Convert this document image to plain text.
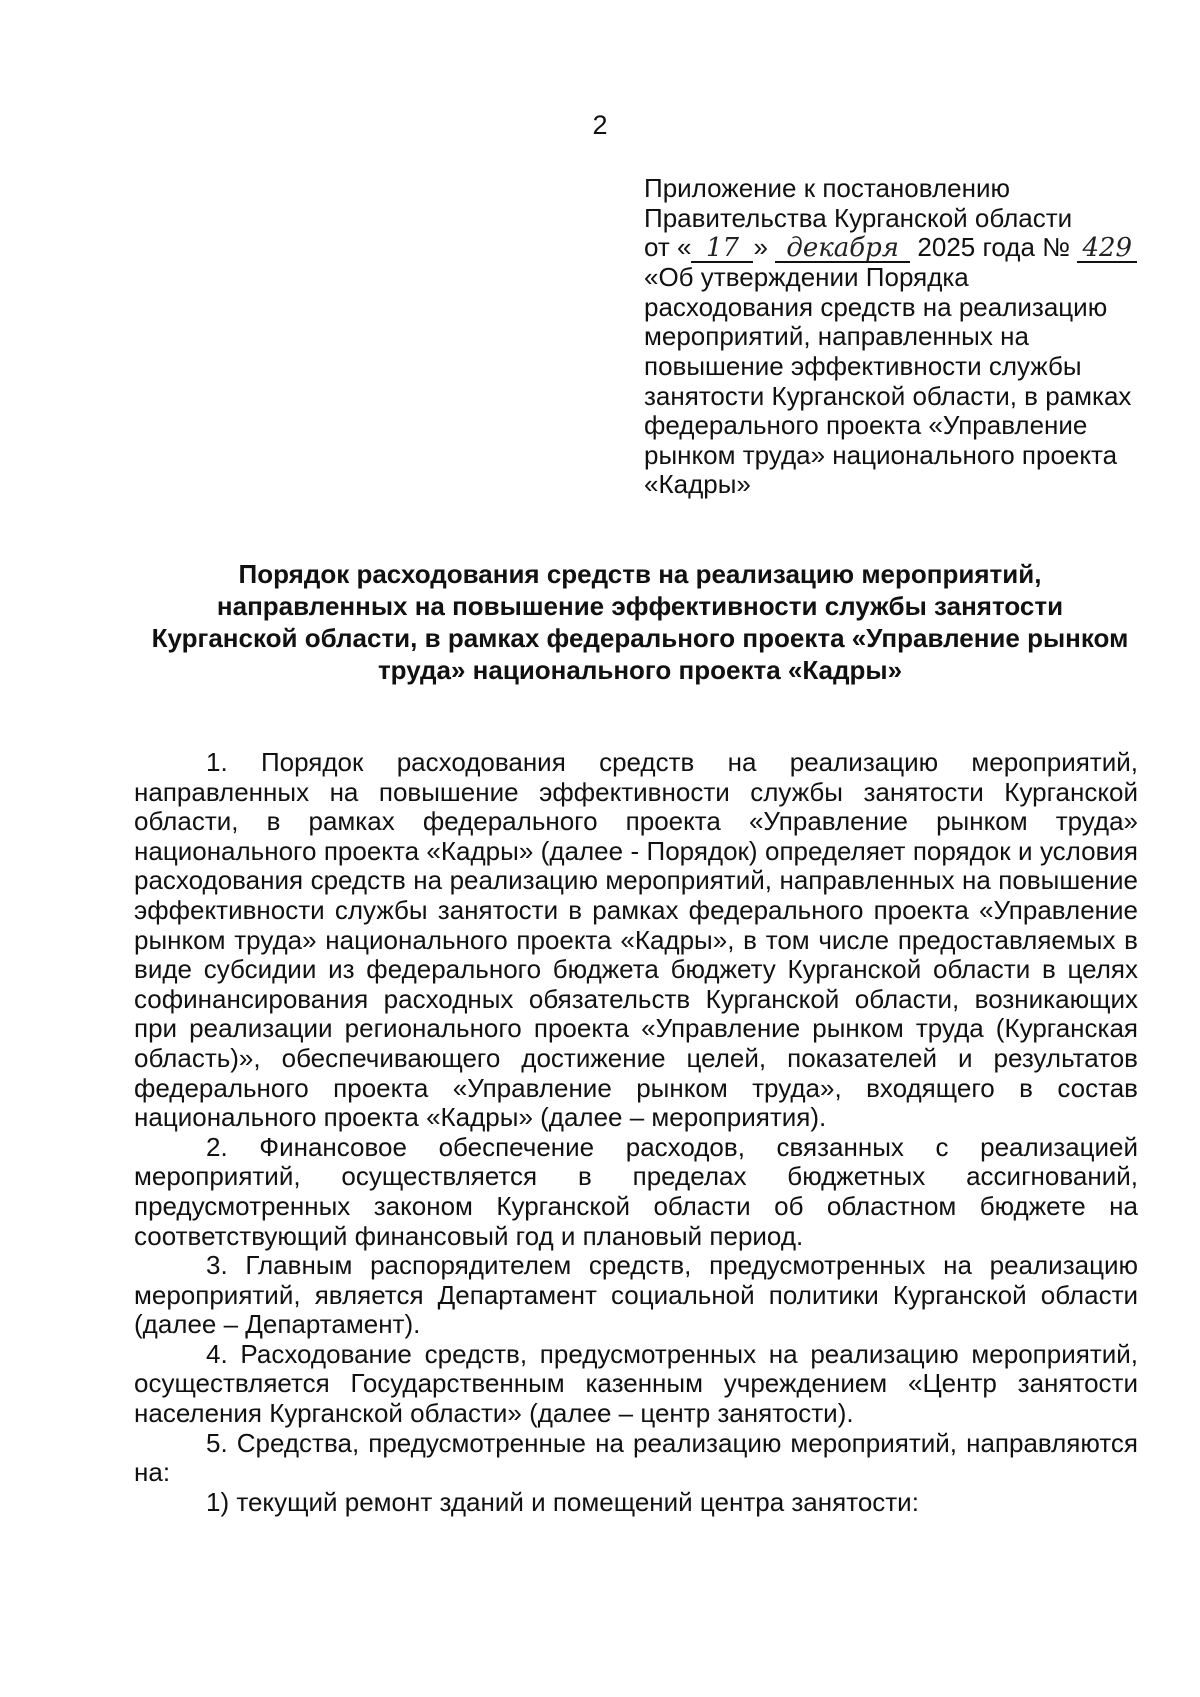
2
Приложение к постановлению
Правительства Курганской области
от « 17 » декабря 2025 года № 429
«Об утверждении Порядка
расходования средств на реализацию
мероприятий, направленных на
повышение эффективности службы
занятости Курганской области, в рамках
федерального проекта «Управление
рынком труда» национального проекта
«Кадры»
Порядок расходования средств на реализацию мероприятий,
направленных на повышение эффективности службы занятости
Курганской области, в рамках федерального проекта «Управление рынком
труда» национального проекта «Кадры»

1. Порядок расходования средств на реализацию мероприятий, направленных на повышение эффективности службы занятости Курганской области, в рамках федерального проекта «Управление рынком труда» национального проекта «Кадры» (далее - Порядок) определяет порядок и условия расходования средств на реализацию мероприятий, направленных на повышение эффективности службы занятости в рамках федерального проекта «Управление рынком труда» национального проекта «Кадры», в том числе предоставляемых в виде субсидии из федерального бюджета бюджету Курганской области в целях софинансирования расходных обязательств Курганской области, возникающих при реализации регионального проекта «Управление рынком труда (Курганская область)», обеспечивающего достижение целей, показателей и результатов федерального проекта «Управление рынком труда», входящего в состав национального проекта «Кадры» (далее – мероприятия).

2. Финансовое обеспечение расходов, связанных с реализацией мероприятий, осуществляется в пределах бюджетных ассигнований, предусмотренных законом Курганской области об областном бюджете на соответствующий финансовый год и плановый период.

3. Главным распорядителем средств, предусмотренных на реализацию мероприятий, является Департамент социальной политики Курганской области (далее – Департамент).

4. Расходование средств, предусмотренных на реализацию мероприятий, осуществляется Государственным казенным учреждением «Центр занятости населения Курганской области» (далее – центр занятости).

5. Средства, предусмотренные на реализацию мероприятий, направляются на:

1) текущий ремонт зданий и помещений центра занятости:
